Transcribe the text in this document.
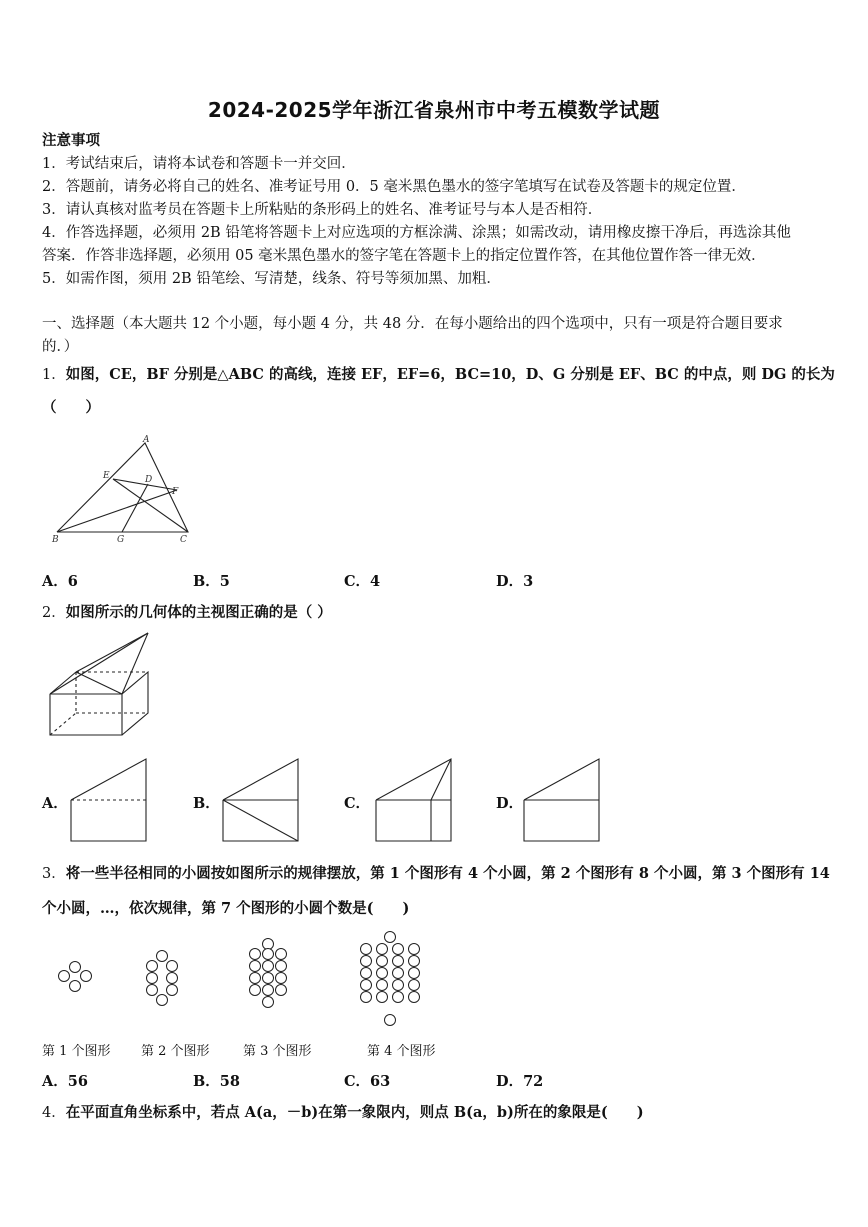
2024-2025学年浙江省泉州市中考五模数学试题
注意事项
1．考试结束后，请将本试卷和答题卡一并交回．
2．答题前，请务必将自己的姓名、准考证号用 0．5 毫米黑色墨水的签字笔填写在试卷及答题卡的规定位置．
3．请认真核对监考员在答题卡上所粘贴的条形码上的姓名、准考证号与本人是否相符．
4．作答选择题，必须用 2B 铅笔将答题卡上对应选项的方框涂满、涂黑；如需改动，请用橡皮擦干净后，再选涂其他
答案．作答非选择题，必须用 05 毫米黑色墨水的签字笔在答题卡上的指定位置作答，在其他位置作答一律无效．
5．如需作图，须用 2B 铅笔绘、写清楚，线条、符号等须加黑、加粗．
一、选择题（本大题共 12 个小题，每小题 4 分，共 48 分．在每小题给出的四个选项中，只有一项是符合题目要求
的．）
1．如图，CE，BF 分别是△ABC 的高线，连接 EF，EF=6，BC=10，D、G 分别是 EF、BC 的中点，则 DG 的长为
（　　）
A
E	D
F
B	G	C
A．6	B．5	C．4	D．3
2．如图所示的几何体的主视图正确的是（ ）
A．	B．	C．	D．
3．将一些半径相同的小圆按如图所示的规律摆放，第 1 个图形有 4 个小圆，第 2 个图形有 8 个小圆，第 3 个图形有 14
个小圆，…，依次规律，第 7 个图形的小圆个数是(　　)
第 1 个图形 第 2 个图形	第 3 个图形	第 4 个图形
A．56	B．58	C．63	D．72
4．在平面直角坐标系中，若点 A(a，－b)在第一象限内，则点 B(a，b)所在的象限是(　　)
